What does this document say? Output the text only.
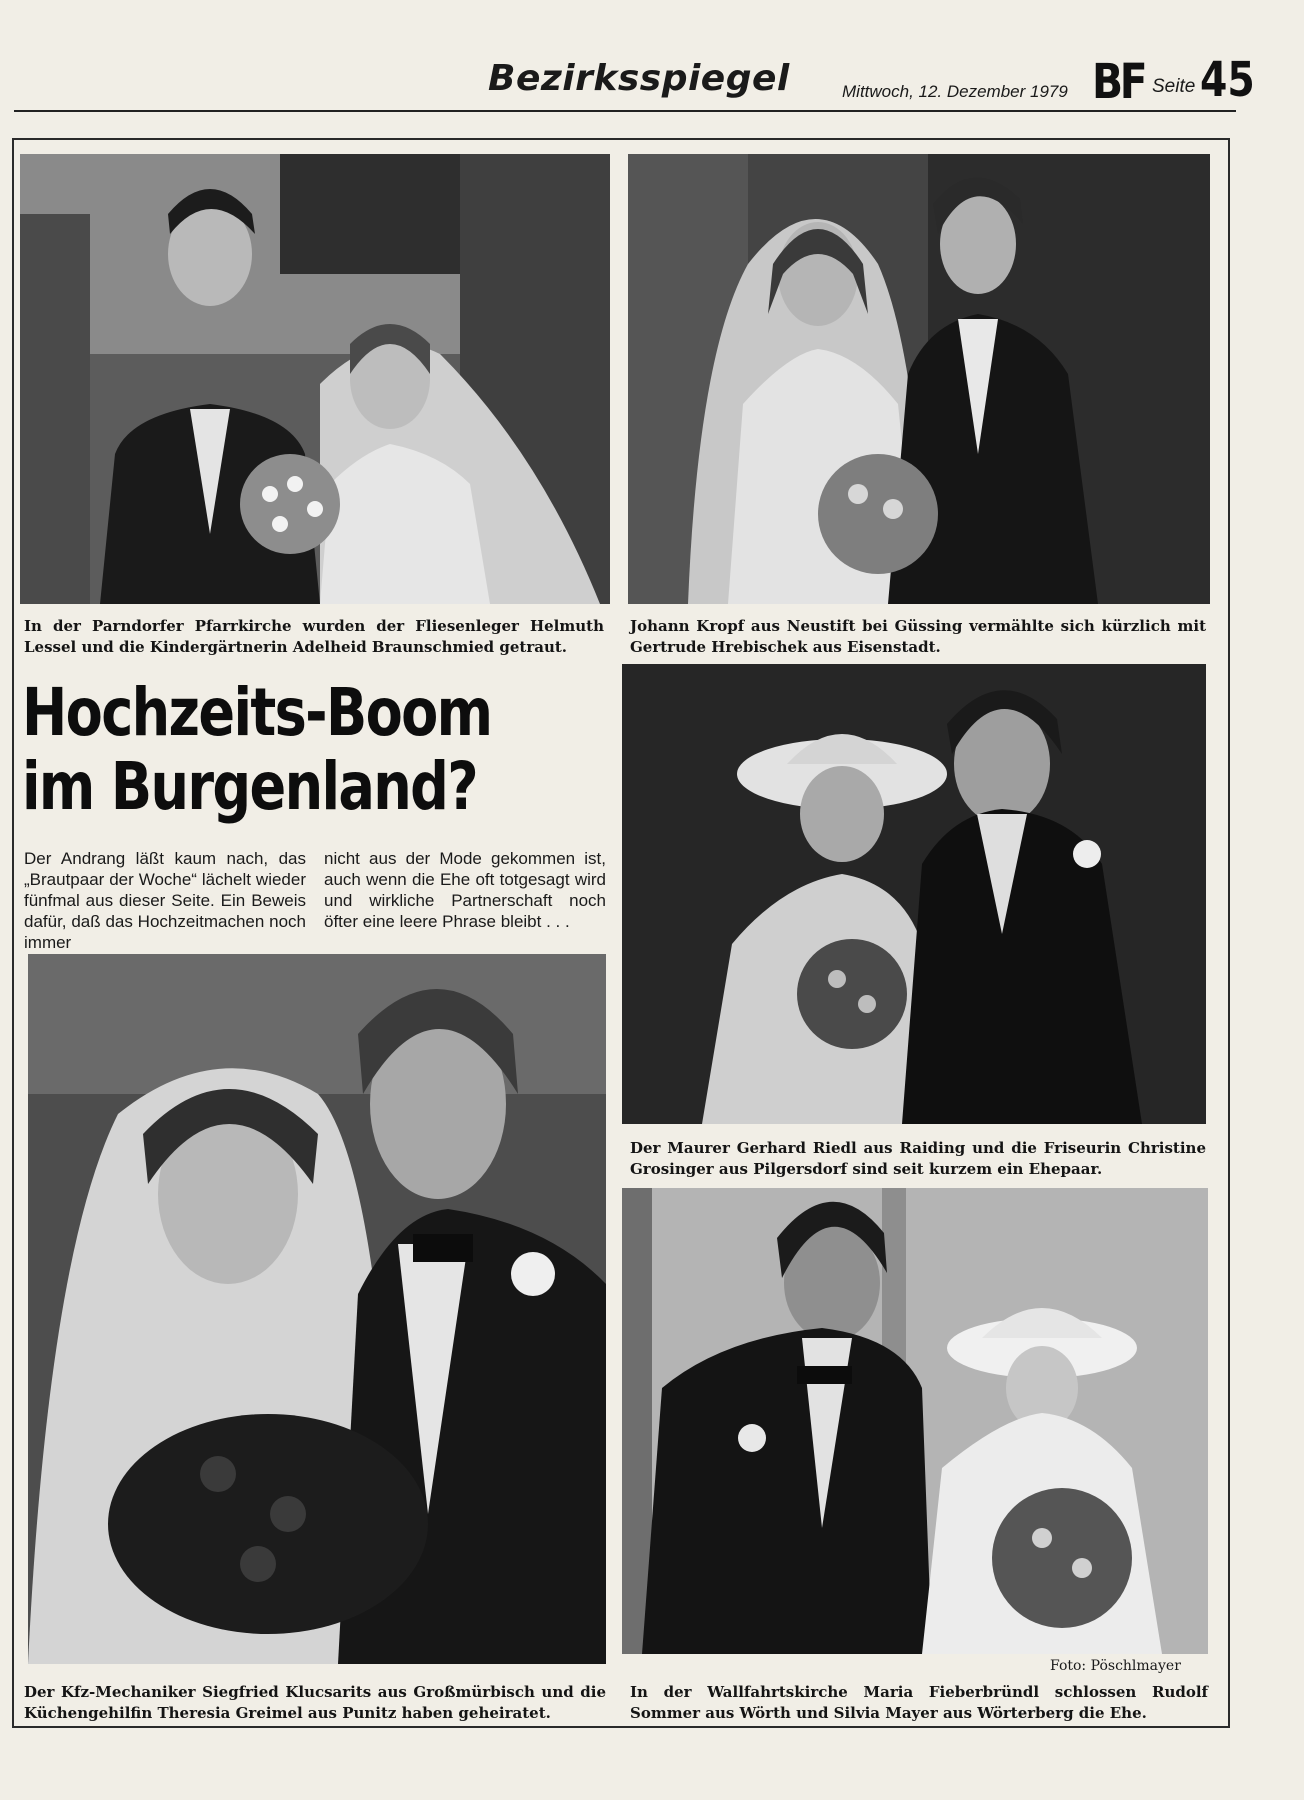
Bezirksspiegel	Mittwoch, 12. Dezember 1979 BF Seite 45
In der Parndorfer Pfarrkirche wurden der Fliesenleger Helmuth Lessel und die Kindergärtnerin Adelheid Braunschmied getraut.
Johann Kropf aus Neustift bei Güssing vermählte sich kürzlich mit Gertrude Hrebischek aus Eisenstadt.
Hochzeits-Boom
im Burgenland?
Der Andrang läßt kaum nach, das „Brautpaar der Woche“ lächelt wieder fünfmal aus dieser Seite. Ein Beweis dafür, daß das Hochzeitmachen noch immer
nicht aus der Mode gekommen ist, auch wenn die Ehe oft totgesagt wird und wirkliche Partnerschaft noch öfter eine leere Phrase bleibt . . .
Der Maurer Gerhard Riedl aus Raiding und die Friseurin Christine Grosinger aus Pilgersdorf sind seit kurzem ein Ehepaar.
Der Kfz-Mechaniker Siegfried Klucsarits aus Großmürbisch und die Küchengehilfin Theresia Greimel aus Punitz haben geheiratet.
Foto: Pöschlmayer
In der Wallfahrtskirche Maria Fieberbründl schlossen Rudolf Sommer aus Wörth und Silvia Mayer aus Wörterberg die Ehe.
